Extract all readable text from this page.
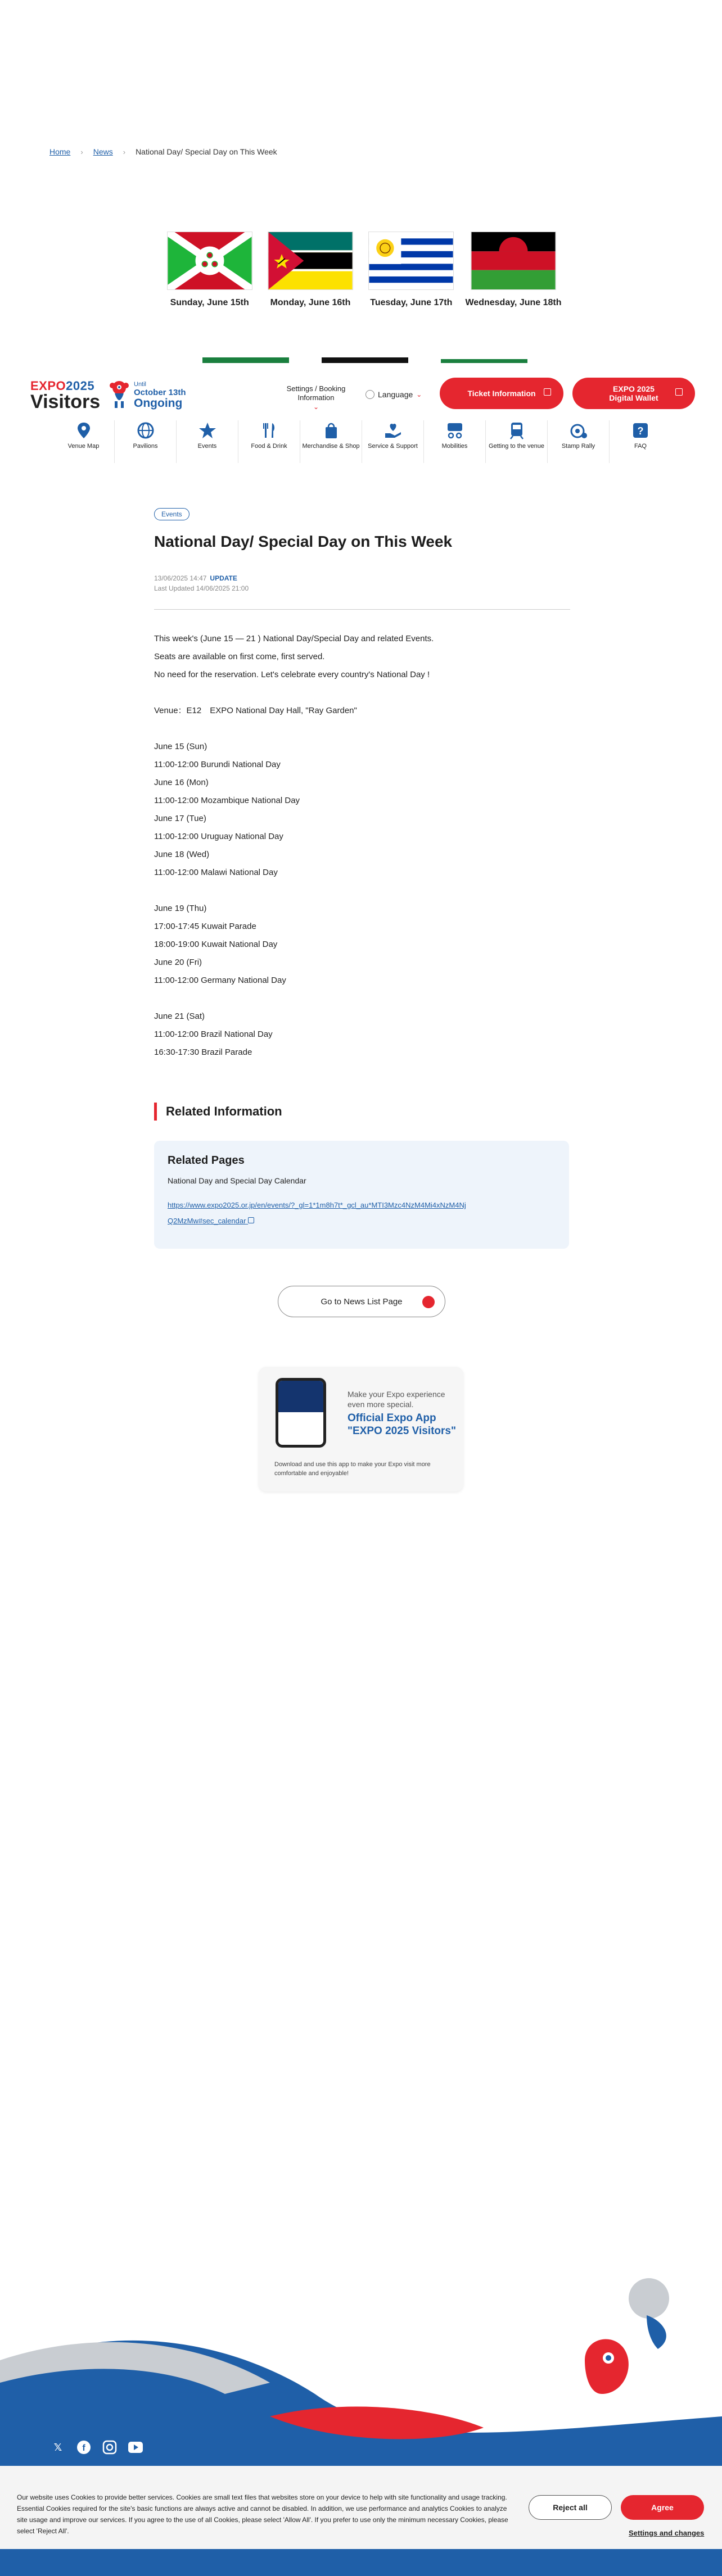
Home › News › National Day/ Special Day on This Week
Sunday, June 15th Monday, June 16th Tuesday, June 17th Wednesday, June 18th
EXPO2025
Visitors
Until
October 13th
Ongoing
Settings / Booking
Information
⌄
Language ⌄	Ticket Information	EXPO 2025
Digital Wallet
Venue Map	Pavilions	Events	Food & Drink Merchandise & Shop Service & Support	Mobilities	Getting to the venue	Stamp Rally
?
FAQ
Events
National Day/ Special Day on This Week
13/06/2025 14:47 UPDATE
Last Updated 14/06/2025 21:00

This week's (June 15 — 21 ) National Day/Special Day and related Events.

Seats are available on first come, first served.

No need for the reservation. Let's celebrate every country's National Day !

Venue：E12　EXPO National Day Hall, "Ray Garden"

June 15 (Sun)

11:00-12:00 Burundi National Day

June 16 (Mon)

11:00-12:00 Mozambique National Day

June 17 (Tue)

11:00-12:00 Uruguay National Day

June 18 (Wed)

11:00-12:00 Malawi National Day

June 19 (Thu)

17:00-17:45 Kuwait Parade

18:00-19:00 Kuwait National Day

June 20 (Fri)

11:00-12:00 Germany National Day

June 21 (Sat)

11:00-12:00 Brazil National Day

16:30-17:30 Brazil Parade

Related Information
Related Pages
National Day and Special Day Calendar
https://www.expo2025.or.jp/en/events/?_gl=1*1m8h7t*_gcl_au*MTI3Mzc4NzM4Mi4xNzM4NjQ2MzMw#sec_calendar
Go to News List Page
Make your Expo experience even more special.
Official Expo App
"EXPO 2025 Visitors"
Download and use this app to make your Expo visit more comfortable and enjoyable!
𝕏	f

Our website uses Cookies to provide better services. Cookies are small text files that websites store on your device to help with site functionality and usage tracking. Essential Cookies required for the site's basic functions are always active and cannot be disabled. In addition, we use performance and analytics Cookies to analyze site usage and improve our services. If you agree to the use of all Cookies, please select 'Allow All'. If you prefer to use only the minimum necessary Cookies, please select 'Reject All'.

Reject all	Agree
Settings and changes
